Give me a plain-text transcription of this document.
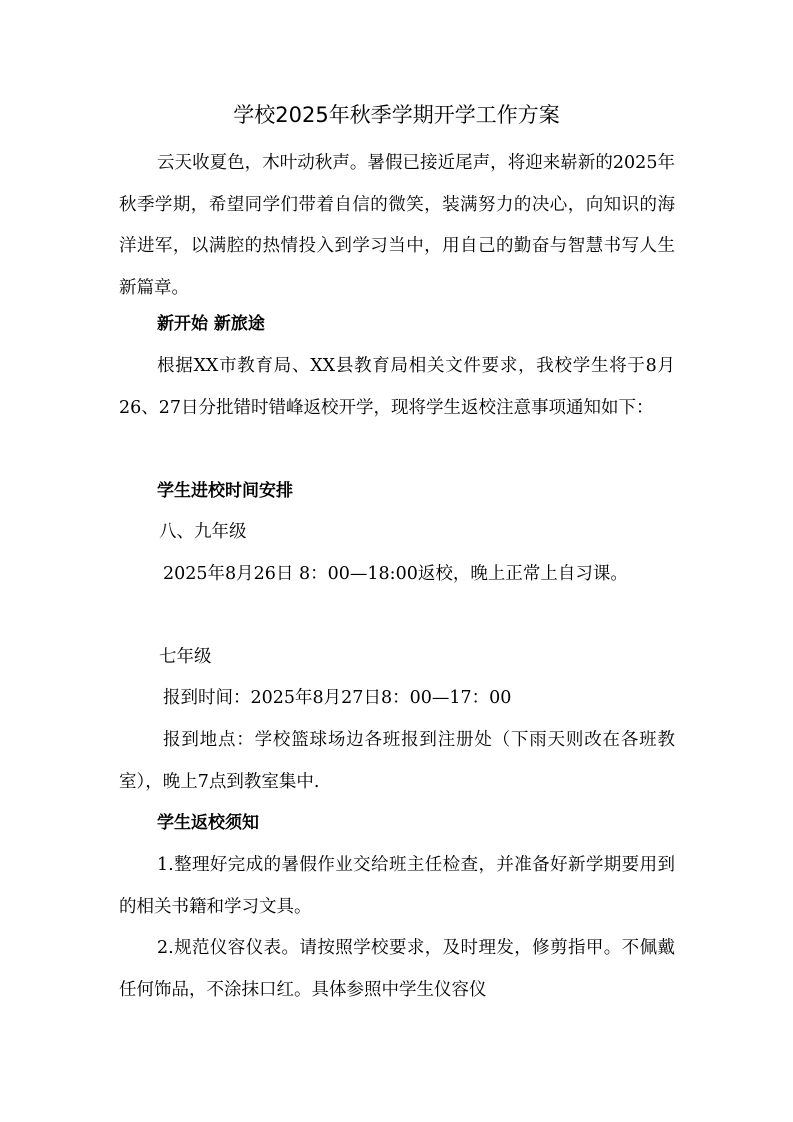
学校2025年秋季学期开学工作方案

云天收夏色，木叶动秋声。暑假已接近尾声，将迎来崭新的2025年秋季学期，希望同学们带着自信的微笑，装满努力的决心，向知识的海洋进军，以满腔的热情投入到学习当中，用自己的勤奋与智慧书写人生新篇章。

新开始 新旅途

根据XX市教育局、XX县教育局相关文件要求，我校学生将于8月26、27日分批错时错峰返校开学，现将学生返校注意事项通知如下：

学生进校时间安排

八、九年级

2025年8月26日 8：00—18:00返校，晚上正常上自习课。

七年级

报到时间：2025年8月27日8：00—17：00

报到地点：学校篮球场边各班报到注册处（下雨天则改在各班教室），晚上7点到教室集中.

学生返校须知

1.整理好完成的暑假作业交给班主任检查，并准备好新学期要用到的相关书籍和学习文具。

2.规范仪容仪表。请按照学校要求，及时理发，修剪指甲。不佩戴任何饰品，不涂抹口红。具体参照中学生仪容仪
